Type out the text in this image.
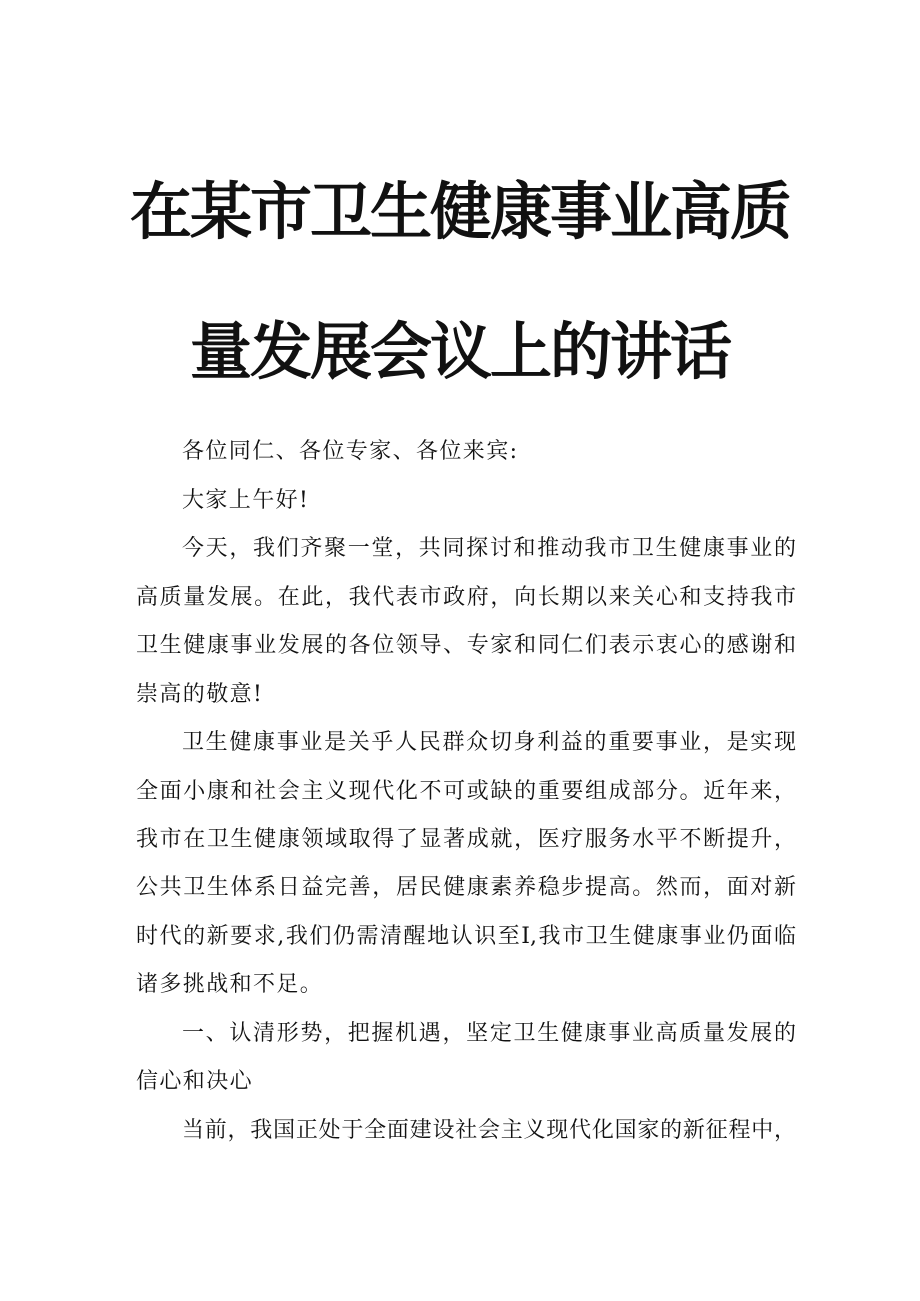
在某市卫生健康事业高质
量发展会议上的讲话
各位同仁、各位专家、各位来宾:
大家上午好!
今天，我们齐聚一堂，共同探讨和推动我市卫生健康事业的
高质量发展。在此，我代表市政府，向长期以来关心和支持我市
卫生健康事业发展的各位领导、专家和同仁们表示衷心的感谢和
崇高的敬意!
卫生健康事业是关乎人民群众切身利益的重要事业，是实现
全面小康和社会主义现代化不可或缺的重要组成部分。近年来，
我市在卫生健康领域取得了显著成就，医疗服务水平不断提升，
公共卫生体系日益完善，居民健康素养稳步提高。然而，面对新
时代的新要求,我们仍需清醒地认识至I,我市卫生健康事业仍面临
诸多挑战和不足。
一、认清形势，把握机遇，坚定卫生健康事业高质量发展的
信心和决心
当前，我国正处于全面建设社会主义现代化国家的新征程中，
